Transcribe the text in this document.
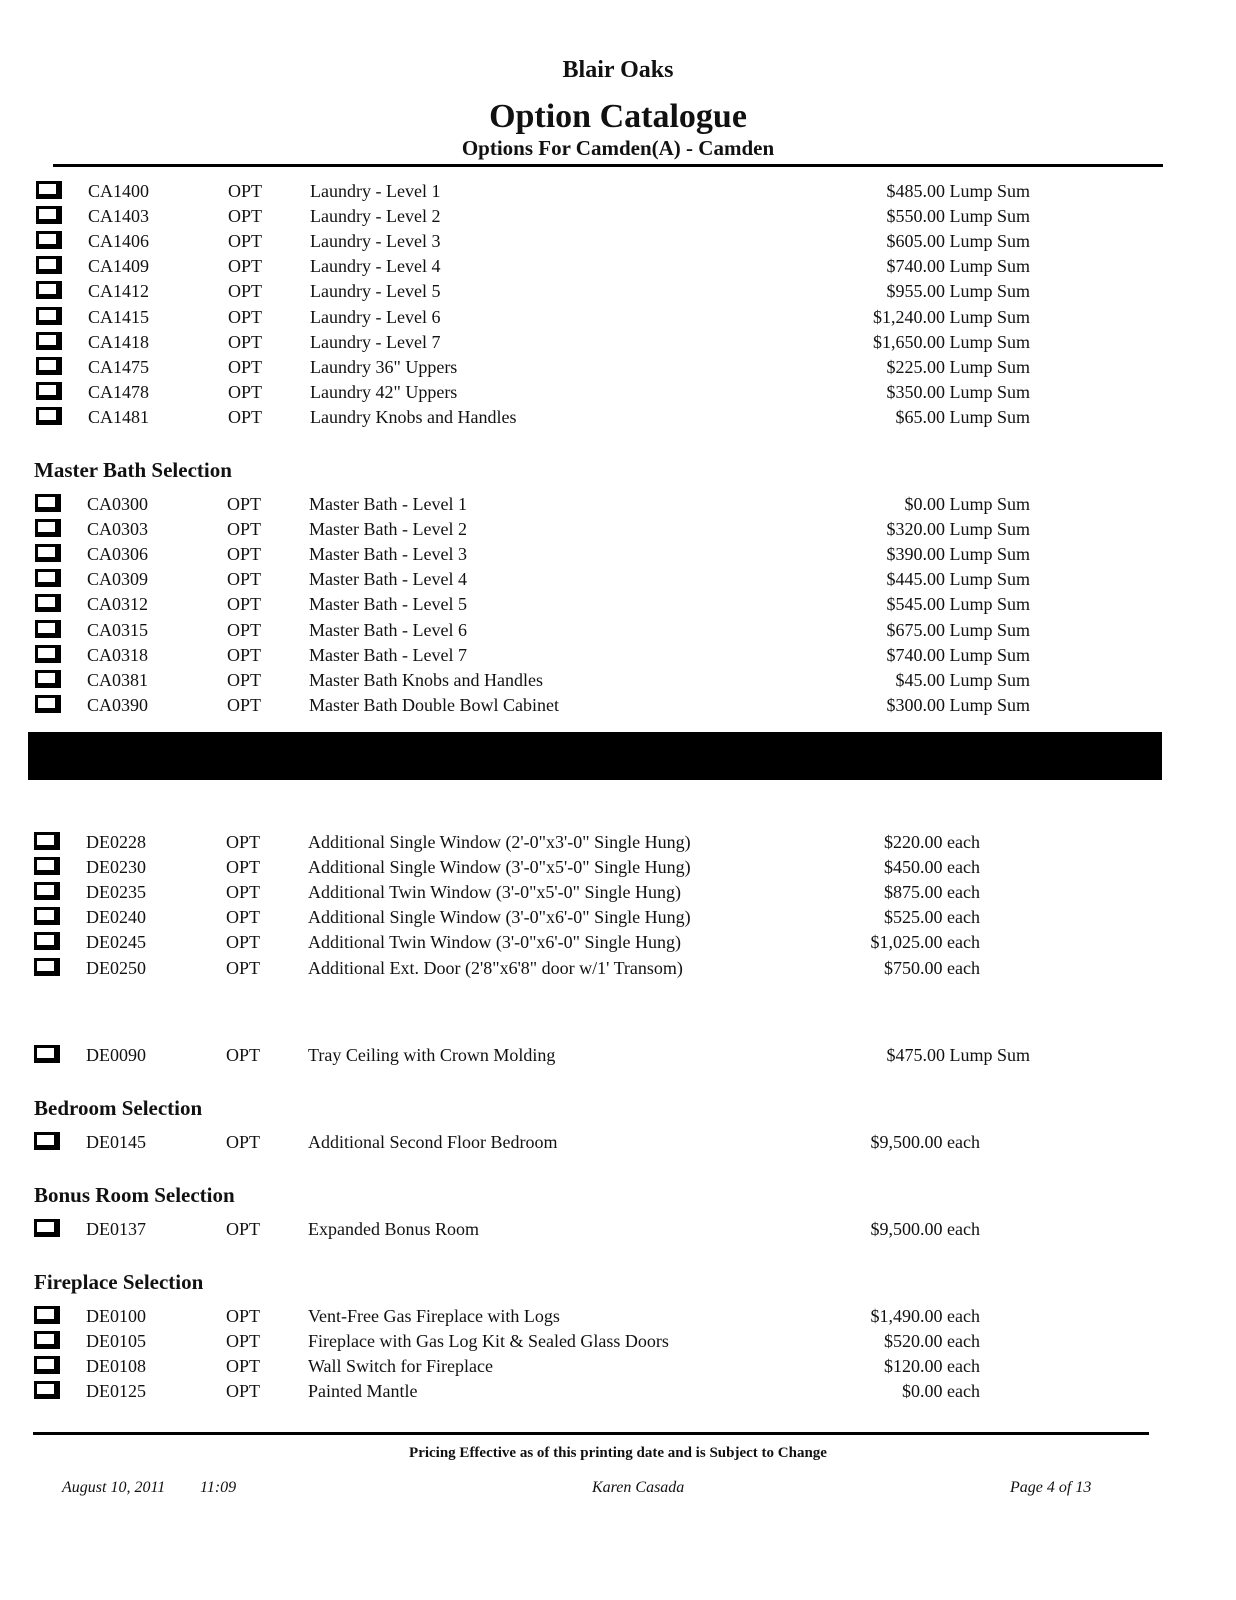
Blair Oaks
Option Catalogue
Options For Camden(A) - Camden
CA1400	OPT	Laundry - Level 1	$485.00 Lump Sum
CA1403	OPT	Laundry - Level 2	$550.00 Lump Sum
CA1406	OPT	Laundry - Level 3	$605.00 Lump Sum
CA1409	OPT	Laundry - Level 4	$740.00 Lump Sum
CA1412	OPT	Laundry - Level 5	$955.00 Lump Sum
CA1415	OPT	Laundry - Level 6	$1,240.00 Lump Sum
CA1418	OPT	Laundry - Level 7	$1,650.00 Lump Sum
CA1475	OPT	Laundry 36" Uppers	$225.00 Lump Sum
CA1478	OPT	Laundry 42" Uppers	$350.00 Lump Sum
CA1481	OPT	Laundry Knobs and Handles	$65.00 Lump Sum
Master Bath Selection
CA0300	OPT	Master Bath - Level 1	$0.00 Lump Sum
CA0303	OPT	Master Bath - Level 2	$320.00 Lump Sum
CA0306	OPT	Master Bath - Level 3	$390.00 Lump Sum
CA0309	OPT	Master Bath - Level 4	$445.00 Lump Sum
CA0312	OPT	Master Bath - Level 5	$545.00 Lump Sum
CA0315	OPT	Master Bath - Level 6	$675.00 Lump Sum
CA0318	OPT	Master Bath - Level 7	$740.00 Lump Sum
CA0381	OPT	Master Bath Knobs and Handles	$45.00 Lump Sum
CA0390	OPT	Master Bath Double Bowl Cabinet	$300.00 Lump Sum
DE0228	OPT	Additional Single Window (2'-0"x3'-0" Single Hung)	$220.00 each
DE0230	OPT	Additional Single Window (3'-0"x5'-0" Single Hung)	$450.00 each
DE0235	OPT	Additional Twin Window (3'-0"x5'-0" Single Hung)	$875.00 each
DE0240	OPT	Additional Single Window (3'-0"x6'-0" Single Hung)	$525.00 each
DE0245	OPT	Additional Twin Window (3'-0"x6'-0" Single Hung)	$1,025.00 each
DE0250	OPT	Additional Ext. Door (2'8"x6'8" door w/1' Transom)	$750.00 each
DE0090	OPT	Tray Ceiling with Crown Molding	$475.00 Lump Sum
Bedroom Selection
DE0145	OPT	Additional Second Floor Bedroom	$9,500.00 each
Bonus Room Selection
DE0137	OPT	Expanded Bonus Room	$9,500.00 each
Fireplace Selection
DE0100	OPT	Vent-Free Gas Fireplace with Logs	$1,490.00 each
DE0105	OPT	Fireplace with Gas Log Kit & Sealed Glass Doors	$520.00 each
DE0108	OPT	Wall Switch for Fireplace	$120.00 each
DE0125	OPT	Painted Mantle	$0.00 each
Pricing Effective as of this printing date and is Subject to Change
August 10, 2011 11:09	Karen Casada	Page 4 of 13
